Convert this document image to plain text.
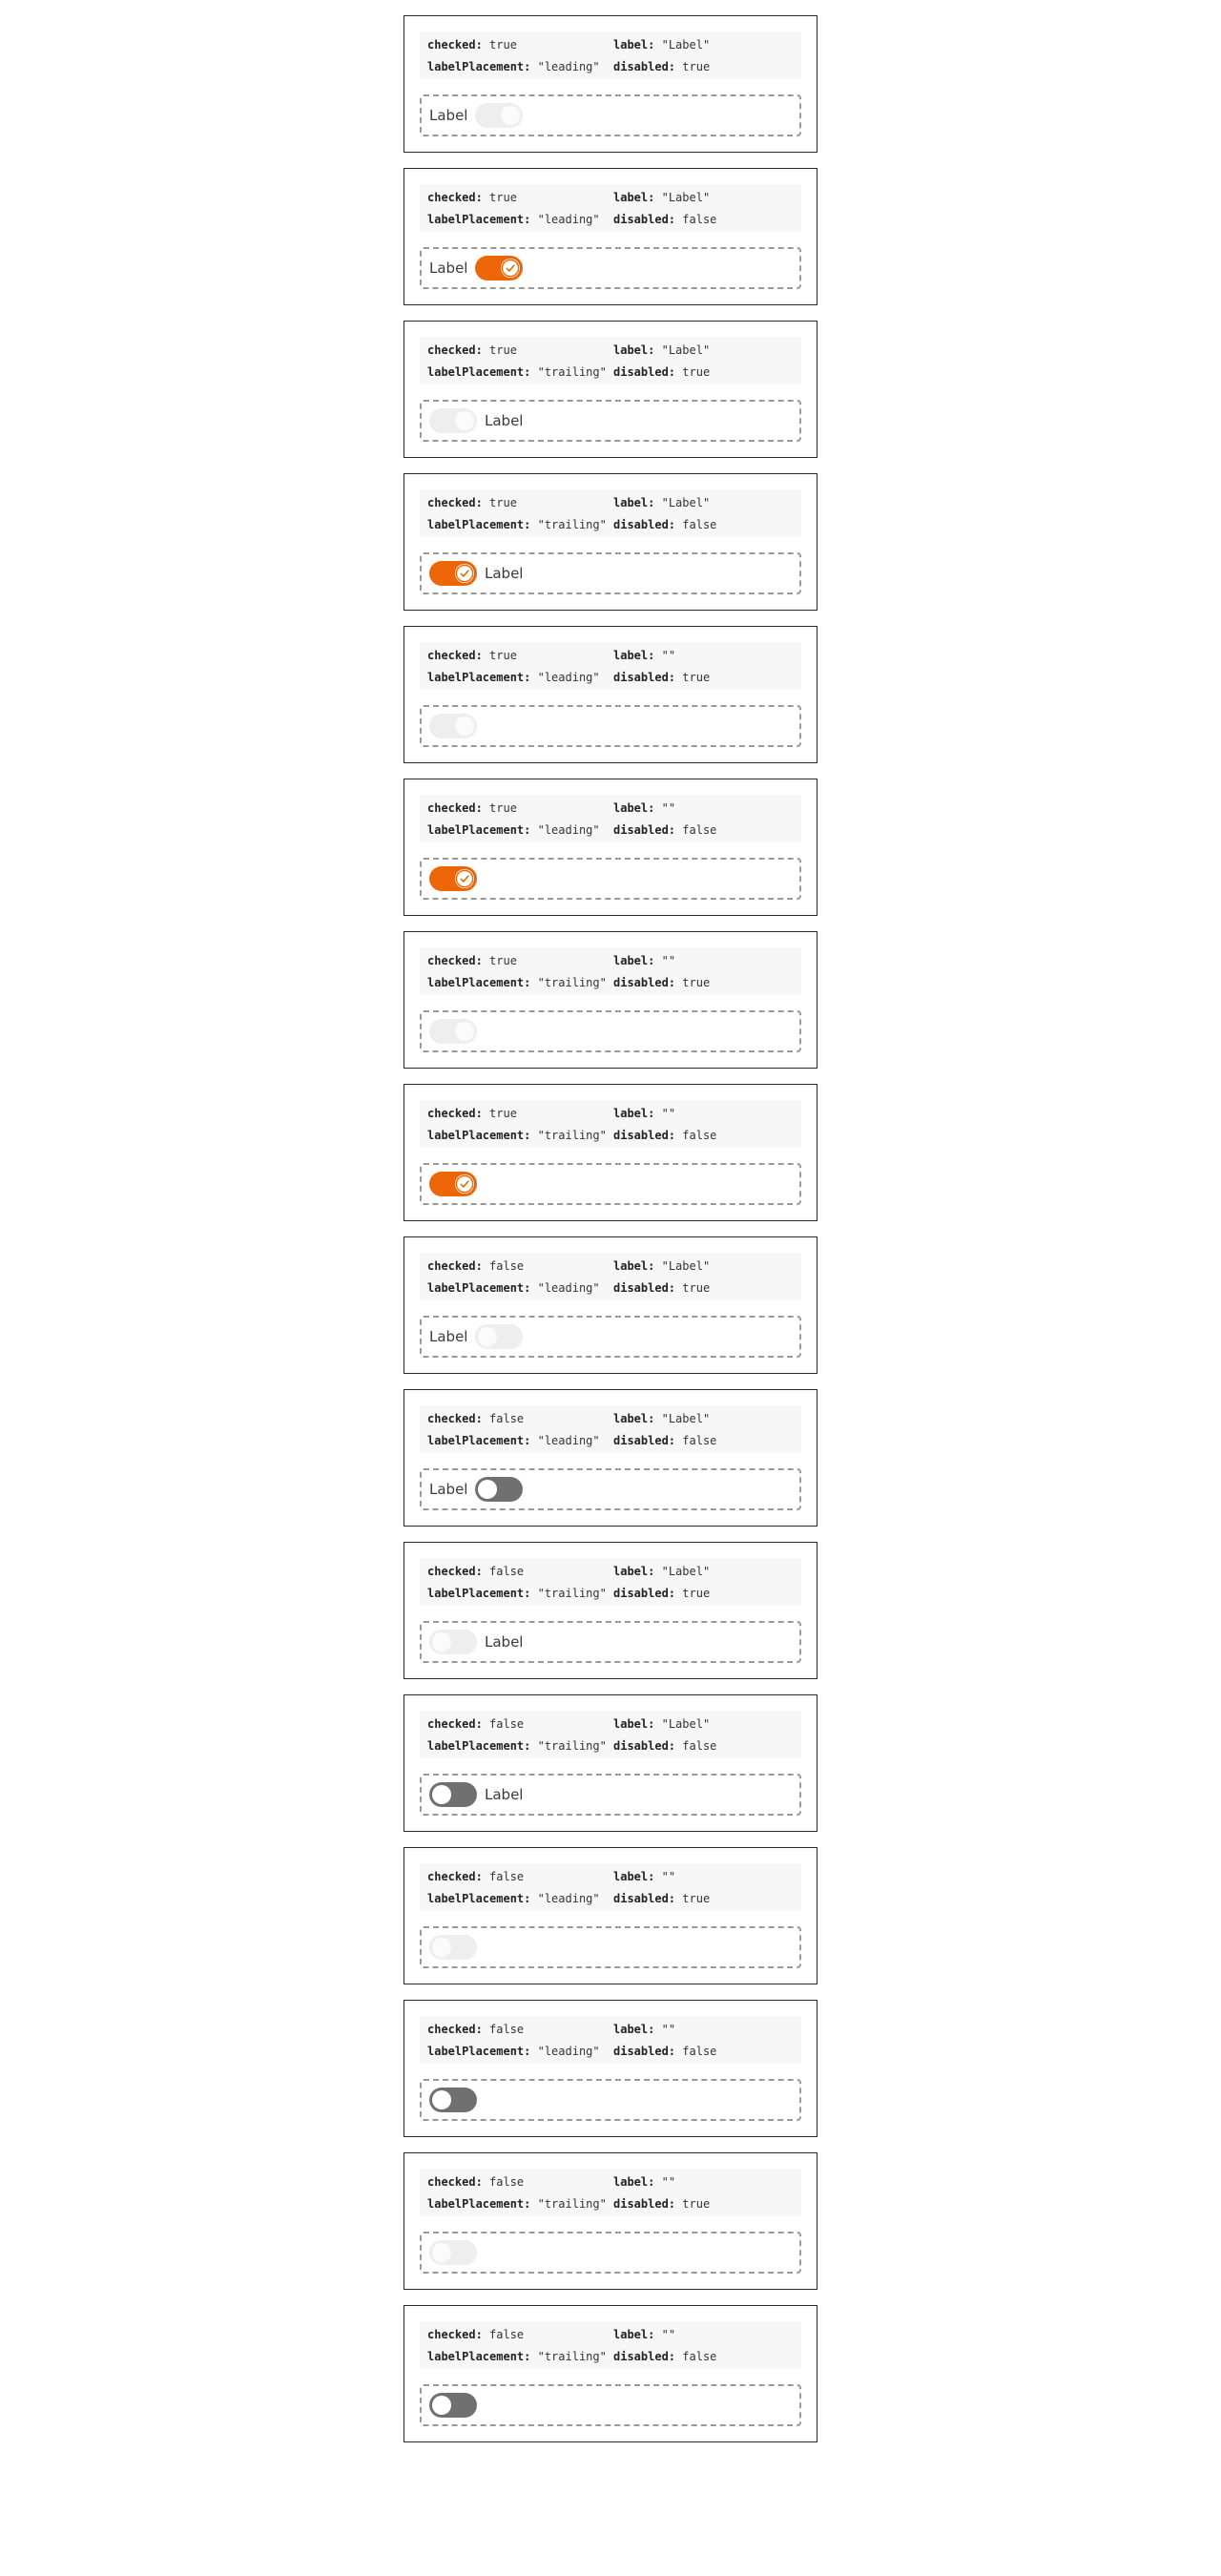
checked: true	label: "Label"
labelPlacement: "leading"	disabled: true
Label
checked: true	label: "Label"
labelPlacement: "leading"	disabled: false
Label
checked: true	label: "Label"
labelPlacement: "trailing" disabled: true
Label
checked: true	label: "Label"
labelPlacement: "trailing" disabled: false
Label
checked: true	label: ""
labelPlacement: "leading"	disabled: true
checked: true	label: ""
labelPlacement: "leading"	disabled: false
checked: true	label: ""
labelPlacement: "trailing" disabled: true
checked: true	label: ""
labelPlacement: "trailing" disabled: false
checked: false	label: "Label"
labelPlacement: "leading"	disabled: true
Label
checked: false	label: "Label"
labelPlacement: "leading"	disabled: false
Label
checked: false	label: "Label"
labelPlacement: "trailing" disabled: true
Label
checked: false	label: "Label"
labelPlacement: "trailing" disabled: false
Label
checked: false	label: ""
labelPlacement: "leading"	disabled: true
checked: false	label: ""
labelPlacement: "leading"	disabled: false
checked: false	label: ""
labelPlacement: "trailing" disabled: true
checked: false	label: ""
labelPlacement: "trailing" disabled: false
